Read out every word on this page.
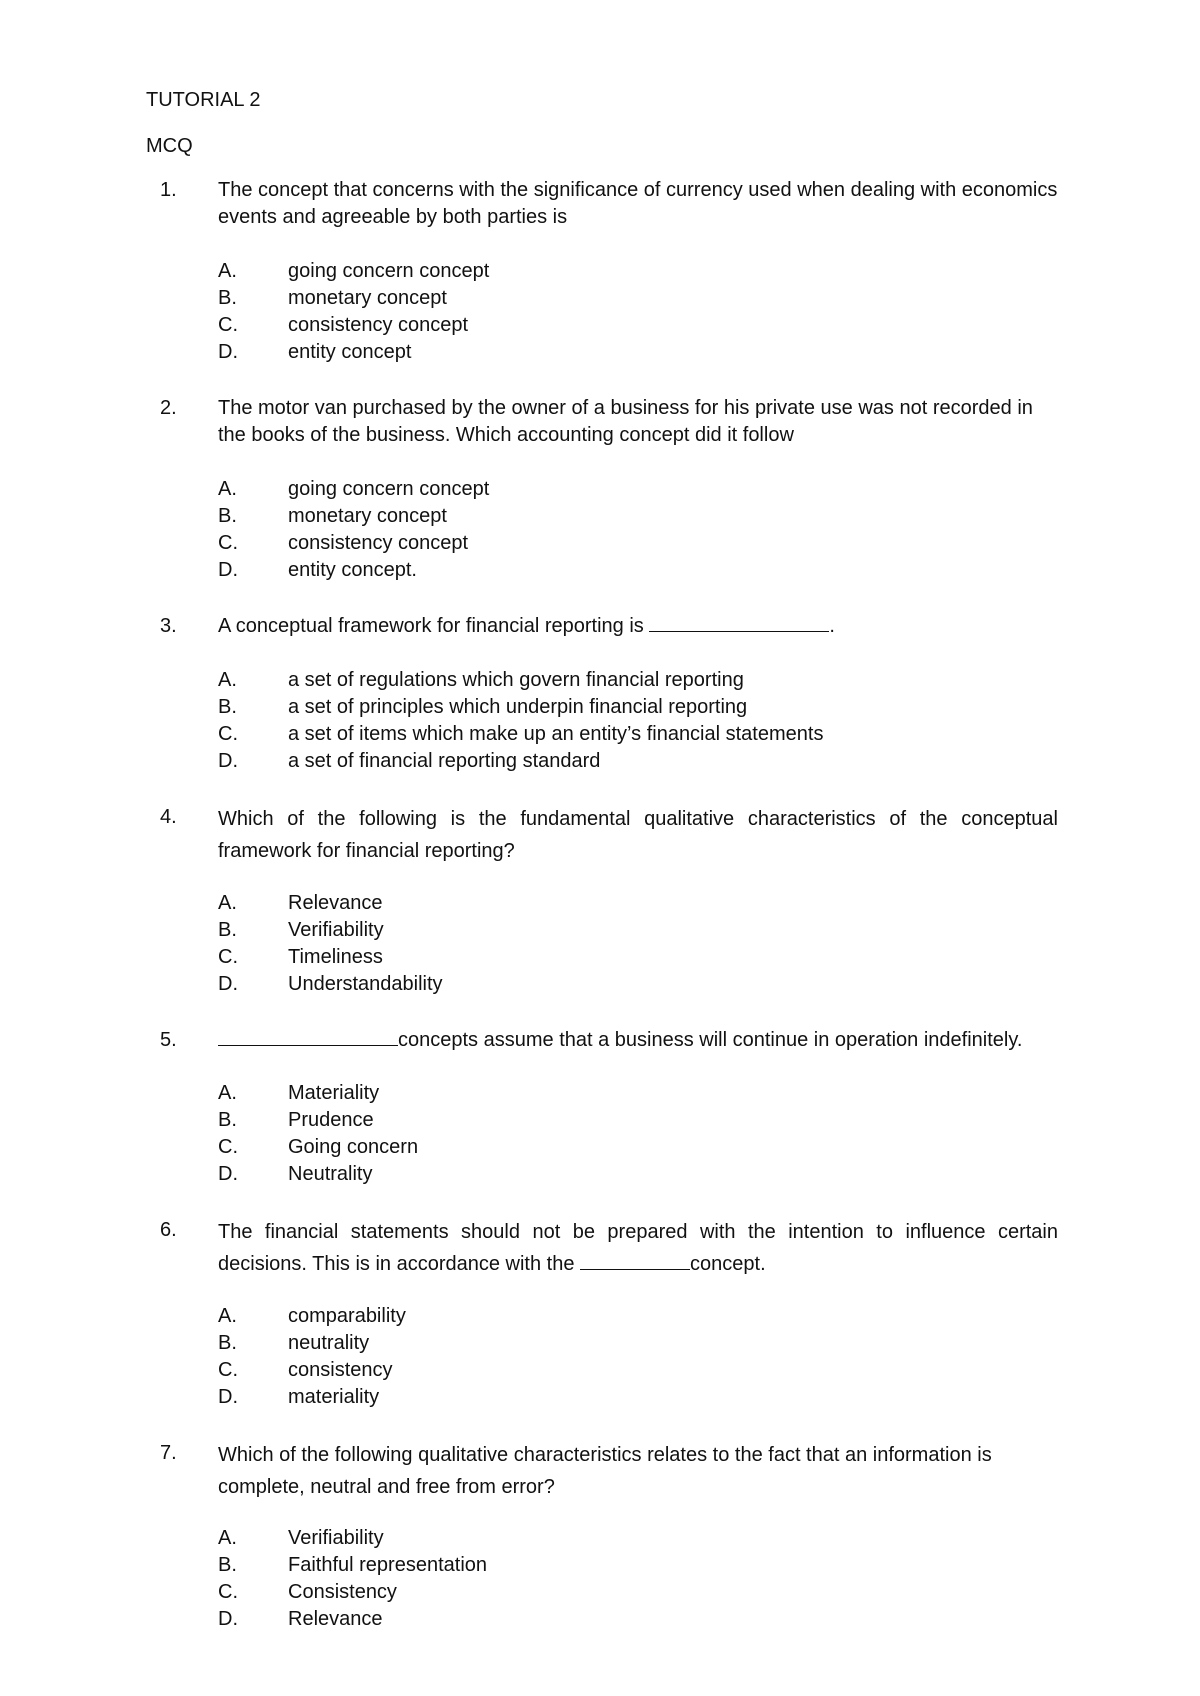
TUTORIAL 2
MCQ
1. The concept that concerns with the significance of currency used when dealing with economics events and agreeable by both parties is
A.	going concern concept
B.	monetary concept
C.	consistency concept
D.	entity concept
2. The motor van purchased by the owner of a business for his private use was not recorded in the books of the business. Which accounting concept did it follow
A.	going concern concept
B.	monetary concept
C.	consistency concept
D.	entity concept.
3. A conceptual framework for financial reporting is	.
A.	a set of regulations which govern financial reporting
B.	a set of principles which underpin financial reporting
C.	a set of items which make up an entity’s financial statements
D.	a set of financial reporting standard
4. Which of the following is the fundamental qualitative characteristics of the conceptual framework for financial reporting?
A.	Relevance
B.	Verifiability
C.	Timeliness
D.	Understandability
5.	concepts assume that a business will continue in operation indefinitely.
A.	Materiality
B.	Prudence
C.	Going concern
D.	Neutrality
6. The financial statements should not be prepared with the intention to influence certain decisions. This is in accordance with the	concept.
A.	comparability
B.	neutrality
C.	consistency
D.	materiality
7. Which of the following qualitative characteristics relates to the fact that an information is complete, neutral and free from error?
A.	Verifiability
B.	Faithful representation
C.	Consistency
D.	Relevance
